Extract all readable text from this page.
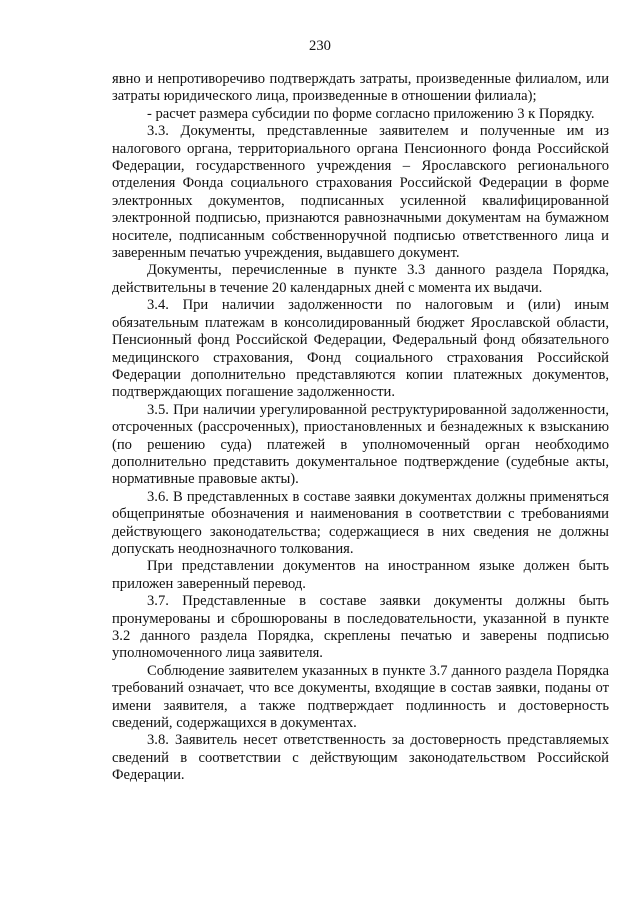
230

явно и непротиворечиво подтверждать затраты, произведенные филиалом, или затраты юридического лица, произведенные в отношении филиала);

- расчет размера субсидии по форме согласно приложению 3 к Порядку.

3.3. Документы, представленные заявителем и полученные им из налогового органа, территориального органа Пенсионного фонда Российской Федерации, государственного учреждения – Ярославского регионального отделения Фонда социального страхования Российской Федерации в форме электронных документов, подписанных усиленной квалифицированной электронной подписью, признаются равнозначными документам на бумажном носителе, подписанным собственноручной подписью ответственного лица и заверенным печатью учреждения, выдавшего документ.

Документы, перечисленные в пункте 3.3 данного раздела Порядка, действительны в течение 20 календарных дней с момента их выдачи.

3.4. При наличии задолженности по налоговым и (или) иным обязательным платежам в консолидированный бюджет Ярославской области, Пенсионный фонд Российской Федерации, Федеральный фонд обязательного медицинского страхования, Фонд социального страхования Российской Федерации дополнительно представляются копии платежных документов, подтверждающих погашение задолженности.

3.5. При наличии урегулированной реструктурированной задолженности, отсроченных (рассроченных), приостановленных и безнадежных к взысканию (по решению суда) платежей в уполномоченный орган необходимо дополнительно представить документальное подтверждение (судебные акты, нормативные правовые акты).

3.6. В представленных в составе заявки документах должны применяться общепринятые обозначения и наименования в соответствии с требованиями действующего законодательства; содержащиеся в них сведения не должны допускать неоднозначного толкования.

При представлении документов на иностранном языке должен быть приложен заверенный перевод.

3.7. Представленные в составе заявки документы должны быть пронумерованы и сброшюрованы в последовательности, указанной в пункте 3.2 данного раздела Порядка, скреплены печатью и заверены подписью уполномоченного лица заявителя.

Соблюдение заявителем указанных в пункте 3.7 данного раздела Порядка требований означает, что все документы, входящие в состав заявки, поданы от имени заявителя, а также подтверждает подлинность и достоверность сведений, содержащихся в документах.

3.8. Заявитель несет ответственность за достоверность представляемых сведений в соответствии с действующим законодательством Российской Федерации.
